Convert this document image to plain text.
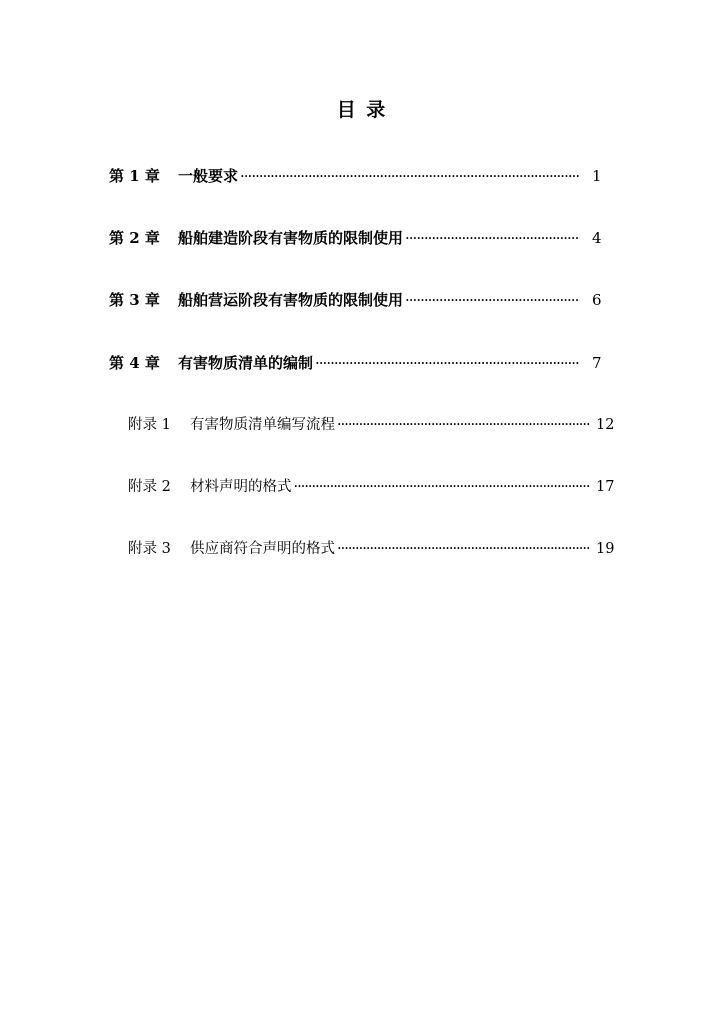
目 录
第 1 章	一般要求 ·····	1
第 2 章	船舶建造阶段有害物质的限制使用 ·····	4
第 3 章	船舶营运阶段有害物质的限制使用 ·····	6
第 4 章	有害物质清单的编制 ·····	7
附录 1	有害物质清单编写流程 ·····	12
附录 2	材料声明的格式 ·····	17
附录 3	供应商符合声明的格式 ·····	19
